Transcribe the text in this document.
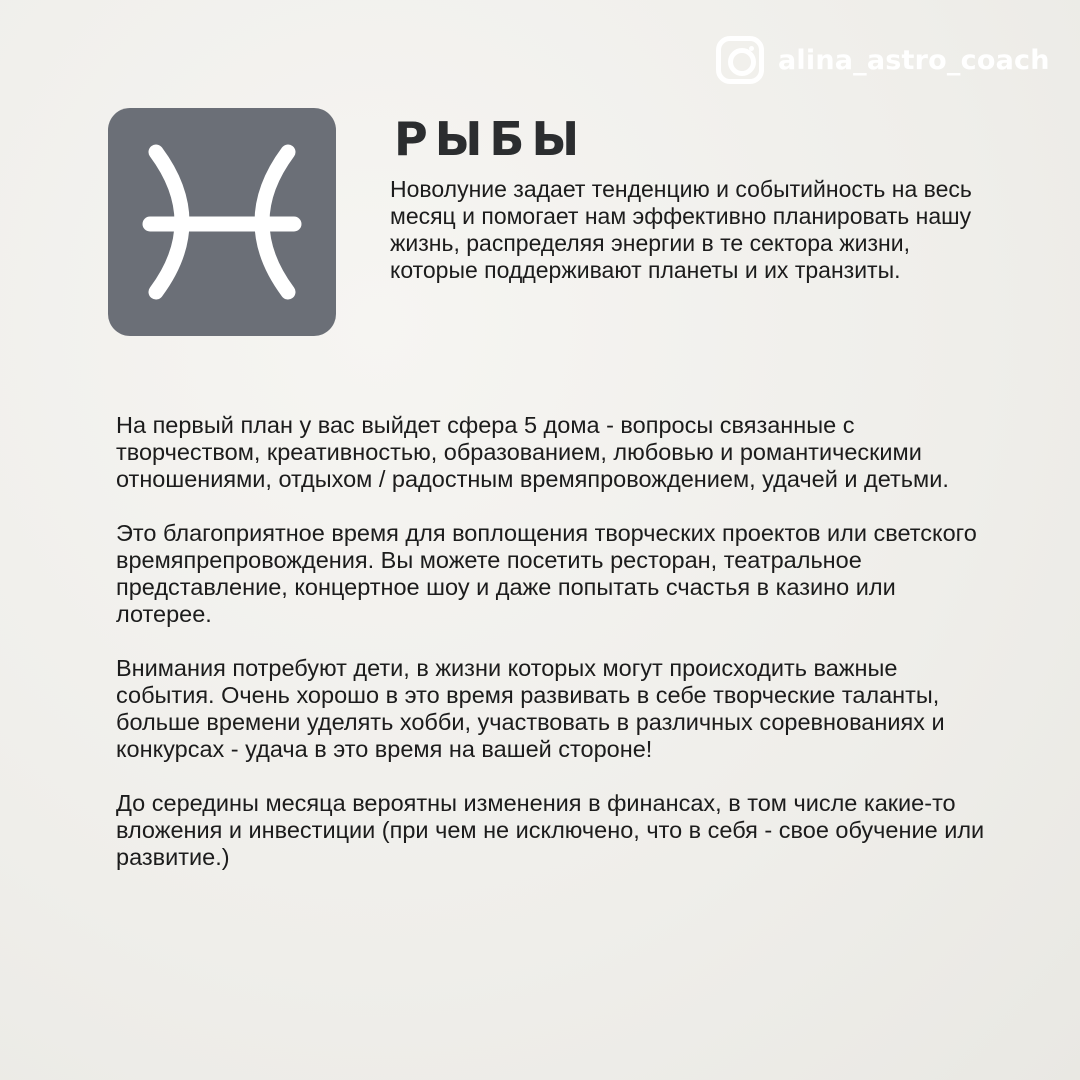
alina_astro_coach
РЫБЫ

Новолуние задает тенденцию и событийность на весь месяц и помогает нам эффективно планировать нашу жизнь, распределяя энергии в те сектора жизни, которые поддерживают планеты и их транзиты.

На первый план у вас выйдет сфера 5 дома - вопросы связанные с творчеством, креативностью, образованием, любовью и романтическими отношениями, отдыхом / радостным времяпровождением, удачей и детьми.

Это благоприятное время для воплощения творческих проектов или светского времяпрепровождения. Вы можете посетить ресторан, театральное представление, концертное шоу и даже попытать счастья в казино или лотерее.

Внимания потребуют дети, в жизни которых могут происходить важные события. Очень хорошо в это время развивать в себе творческие таланты, больше времени уделять хобби, участвовать в различных соревнованиях и конкурсах - удача в это время на вашей стороне!

До середины месяца вероятны изменения в финансах, в том числе какие-то вложения и инвестиции (при чем не исключено, что в себя - свое обучение или развитие.)
